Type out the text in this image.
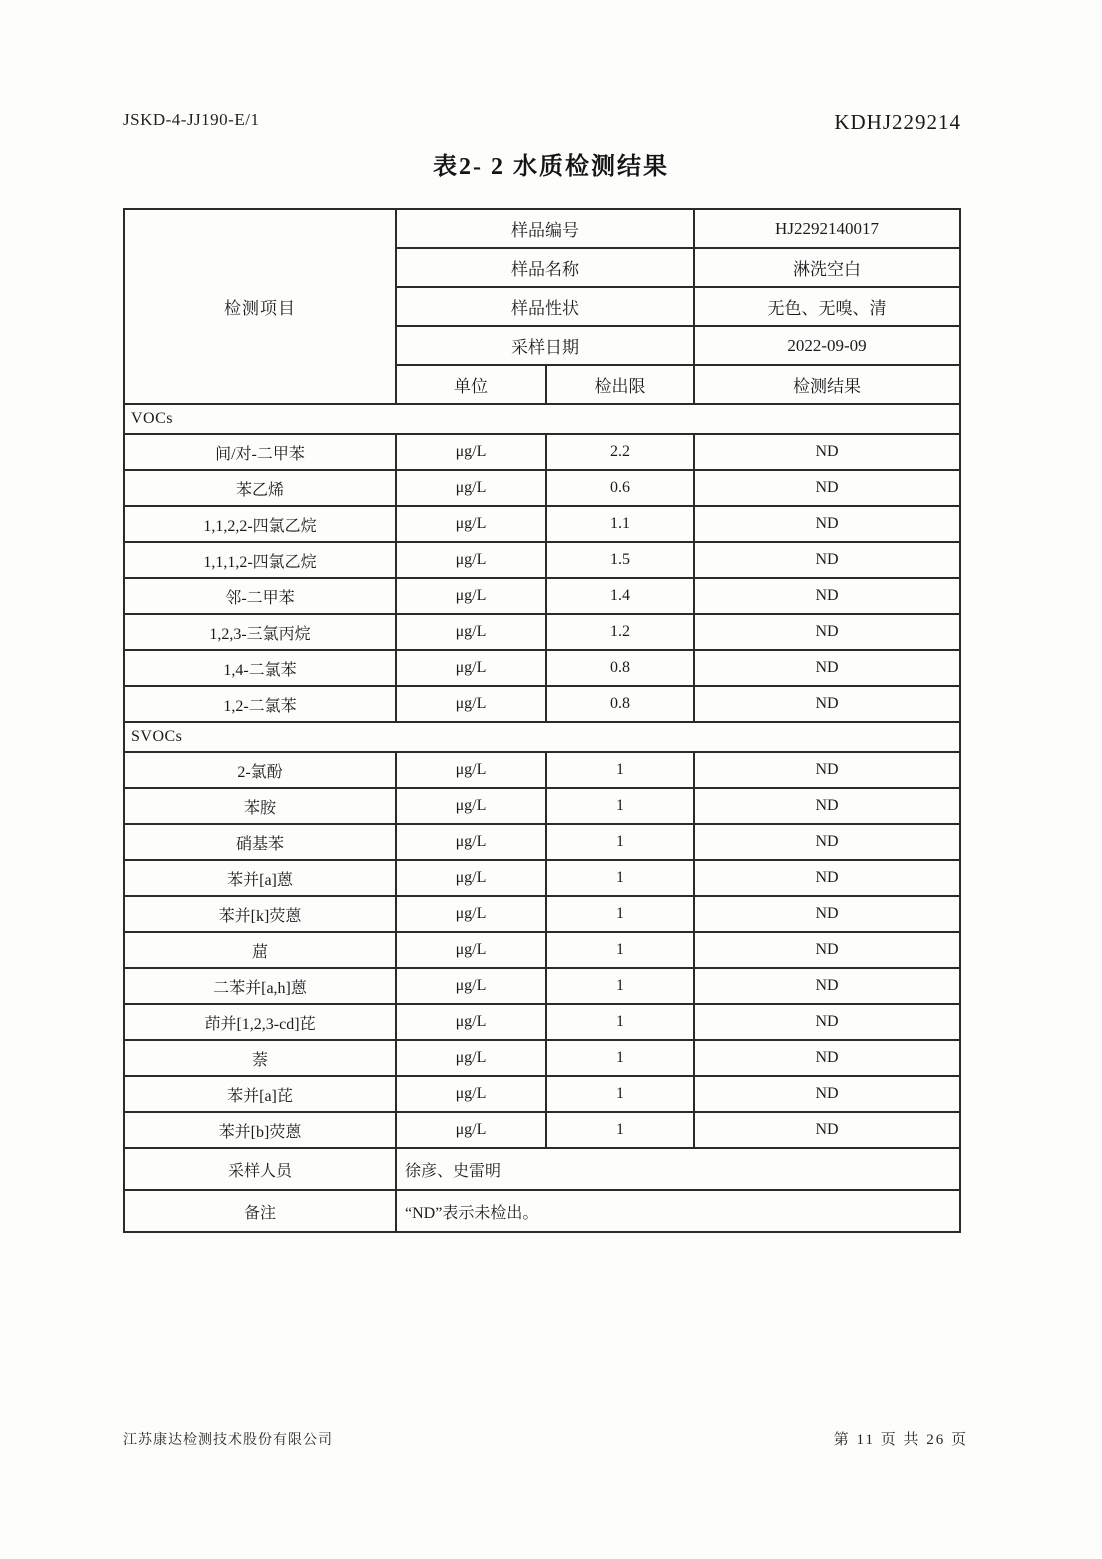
JSKD-4-JJ190-E/1	KDHJ229214
表2- 2 水质检测结果
检测项目	样品编号		HJ2292140017
	样品名称		淋洗空白
	样品性状		无色、无嗅、清
	采样日期		2022-09-09
	单位	检出限	检测结果
VOCs			
间/对-二甲苯	μg/L	2.2	ND
苯乙烯	μg/L	0.6	ND
1,1,2,2-四氯乙烷	μg/L	1.1	ND
1,1,1,2-四氯乙烷	μg/L	1.5	ND
邻-二甲苯	μg/L	1.4	ND
1,2,3-三氯丙烷	μg/L	1.2	ND
1,4-二氯苯	μg/L	0.8	ND
1,2-二氯苯	μg/L	0.8	ND
SVOCs			
2-氯酚	μg/L	1	ND
苯胺	μg/L	1	ND
硝基苯	μg/L	1	ND
苯并[a]蒽	μg/L	1	ND
苯并[k]荧蒽	μg/L	1	ND
䓛	μg/L	1	ND
二苯并[a,h]蒽	μg/L	1	ND
茚并[1,2,3-cd]芘	μg/L	1	ND
萘	μg/L	1	ND
苯并[a]芘	μg/L	1	ND
苯并[b]荧蒽	μg/L	1	ND
采样人员	徐彦、史雷明		
备注	“ND”表示未检出。		
江苏康达检测技术股份有限公司	第 11 页 共 26 页
